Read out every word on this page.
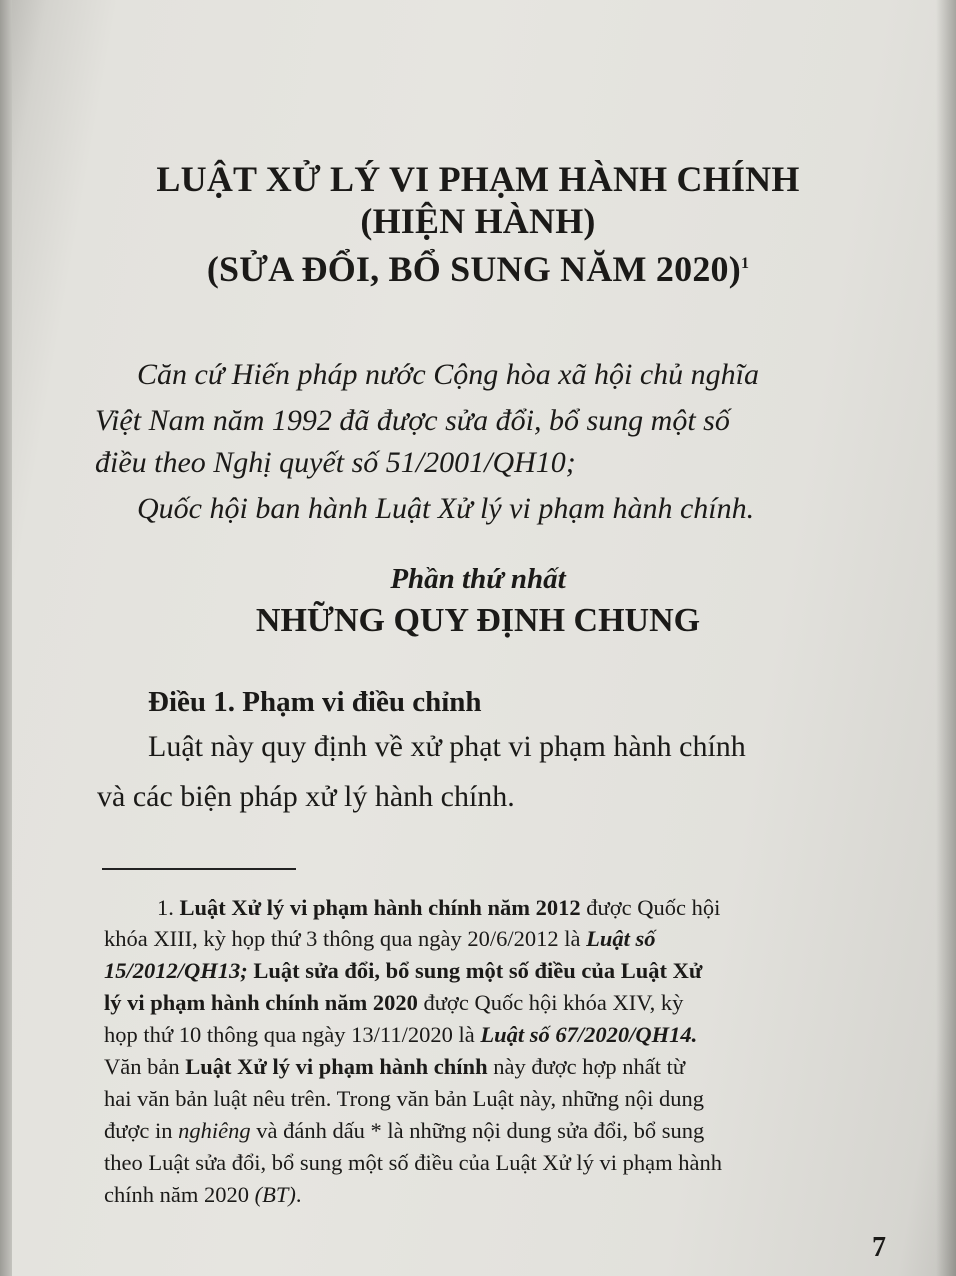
LUẬT XỬ LÝ VI PHẠM HÀNH CHÍNH
(HIỆN HÀNH)
(SỬA ĐỔI, BỔ SUNG NĂM 2020)$^1$
Căn cứ Hiến pháp nước Cộng hòa xã hội chủ nghĩa
Việt Nam năm 1992 đã được sửa đổi, bổ sung một số
điều theo Nghị quyết số 51/2001/QH10;
Quốc hội ban hành Luật Xử lý vi phạm hành chính.
Phần thứ nhất
NHỮNG QUY ĐỊNH CHUNG
Điều 1. Phạm vi điều chỉnh
Luật này quy định về xử phạt vi phạm hành chính
và các biện pháp xử lý hành chính.
1. Luật Xử lý vi phạm hành chính năm 2012 được Quốc hội
khóa XIII, kỳ họp thứ 3 thông qua ngày 20/6/2012 là Luật số
15/2012/QH13; Luật sửa đổi, bổ sung một số điều của Luật Xử
lý vi phạm hành chính năm 2020 được Quốc hội khóa XIV, kỳ
họp thứ 10 thông qua ngày 13/11/2020 là Luật số 67/2020/QH14.
Văn bản Luật Xử lý vi phạm hành chính này được hợp nhất từ
hai văn bản luật nêu trên. Trong văn bản Luật này, những nội dung
được in nghiêng và đánh dấu * là những nội dung sửa đổi, bổ sung
theo Luật sửa đổi, bổ sung một số điều của Luật Xử lý vi phạm hành
chính năm 2020 (BT).
7
